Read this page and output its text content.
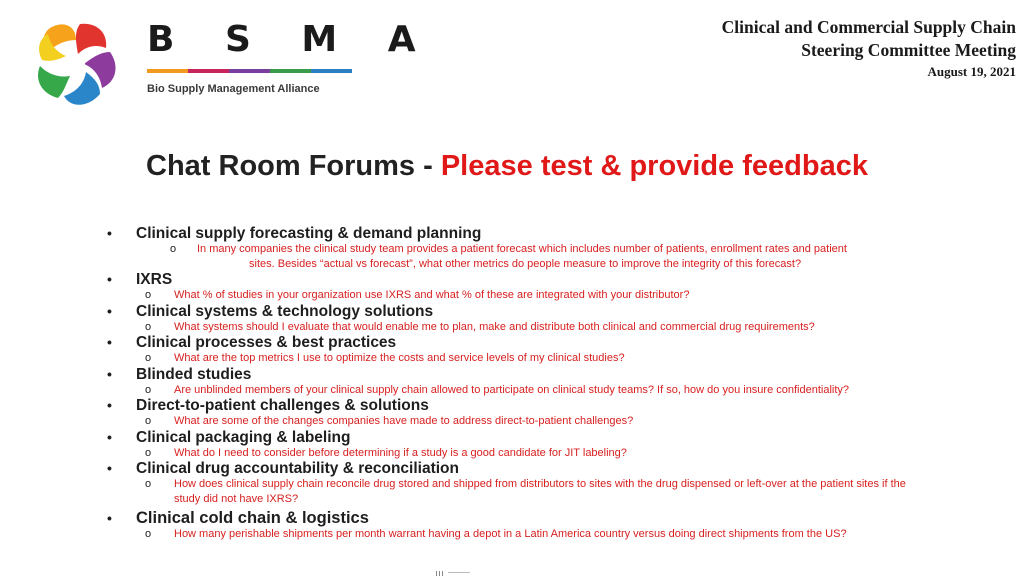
B S M A
Bio Supply Management Alliance
Clinical and Commercial Supply Chain
Steering Committee Meeting
August 19, 2021
Chat Room Forums - Please test & provide feedback
• Clinical supply forecasting & demand planning
o In many companies the clinical study team provides a patient forecast which includes number of patients, enrollment rates and patient
sites. Besides “actual vs forecast”, what other metrics do people measure to improve the integrity of this forecast?
• IXRS
o What % of studies in your organization use IXRS and what % of these are integrated with your distributor?
• Clinical systems & technology solutions
o What systems should I evaluate that would enable me to plan, make and distribute both clinical and commercial drug requirements?
• Clinical processes & best practices
o What are the top metrics I use to optimize the costs and service levels of my clinical studies?
• Blinded studies
o Are unblinded members of your clinical supply chain allowed to participate on clinical study teams? If so, how do you insure confidentiality?
• Direct-to-patient challenges & solutions
o What are some of the changes companies have made to address direct-to-patient challenges?
• Clinical packaging & labeling
o What do I need to consider before determining if a study is a good candidate for JIT labeling?
• Clinical drug accountability & reconciliation
o How does clinical supply chain reconcile drug stored and shipped from distributors to sites with the drug dispensed or left-over at the patient sites if the study did not have IXRS?
• Clinical cold chain & logistics
o How many perishable shipments per month warrant having a depot in a Latin America country versus doing direct shipments from the US?
